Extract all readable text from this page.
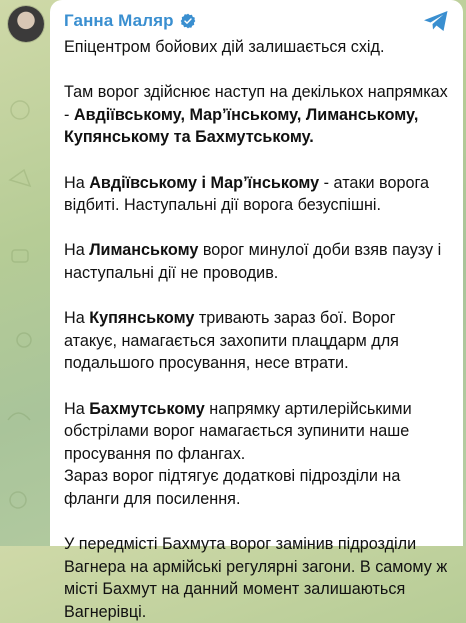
Ганна Маляр

Епіцентром бойових дій залишається схід.

Там ворог здійснює наступ на декількох напрямках - Авдіївському, Мар’їнському, Лиманському, Купянському та Бахмутському.

На Авдіївському і Мар’їнському - атаки ворога відбиті. Наступальні дії ворога безуспішні.

На Лиманському ворог минулої доби взяв паузу і наступальні дії не проводив.

На Купянському тривають зараз бої. Ворог атакує, намагається захопити плацдарм для подальшого просування, несе втрати.

На Бахмутському напрямку артилерійськими обстрілами ворог намагається зупинити наше просування по флангах.
Зараз ворог підтягує додаткові підрозділи на фланги для посилення.

У передмісті Бахмута ворог замінив підрозділи Вагнера на армійські регулярні загони. В самому ж місті Бахмут на данний момент залишаються Вагнерівці.
